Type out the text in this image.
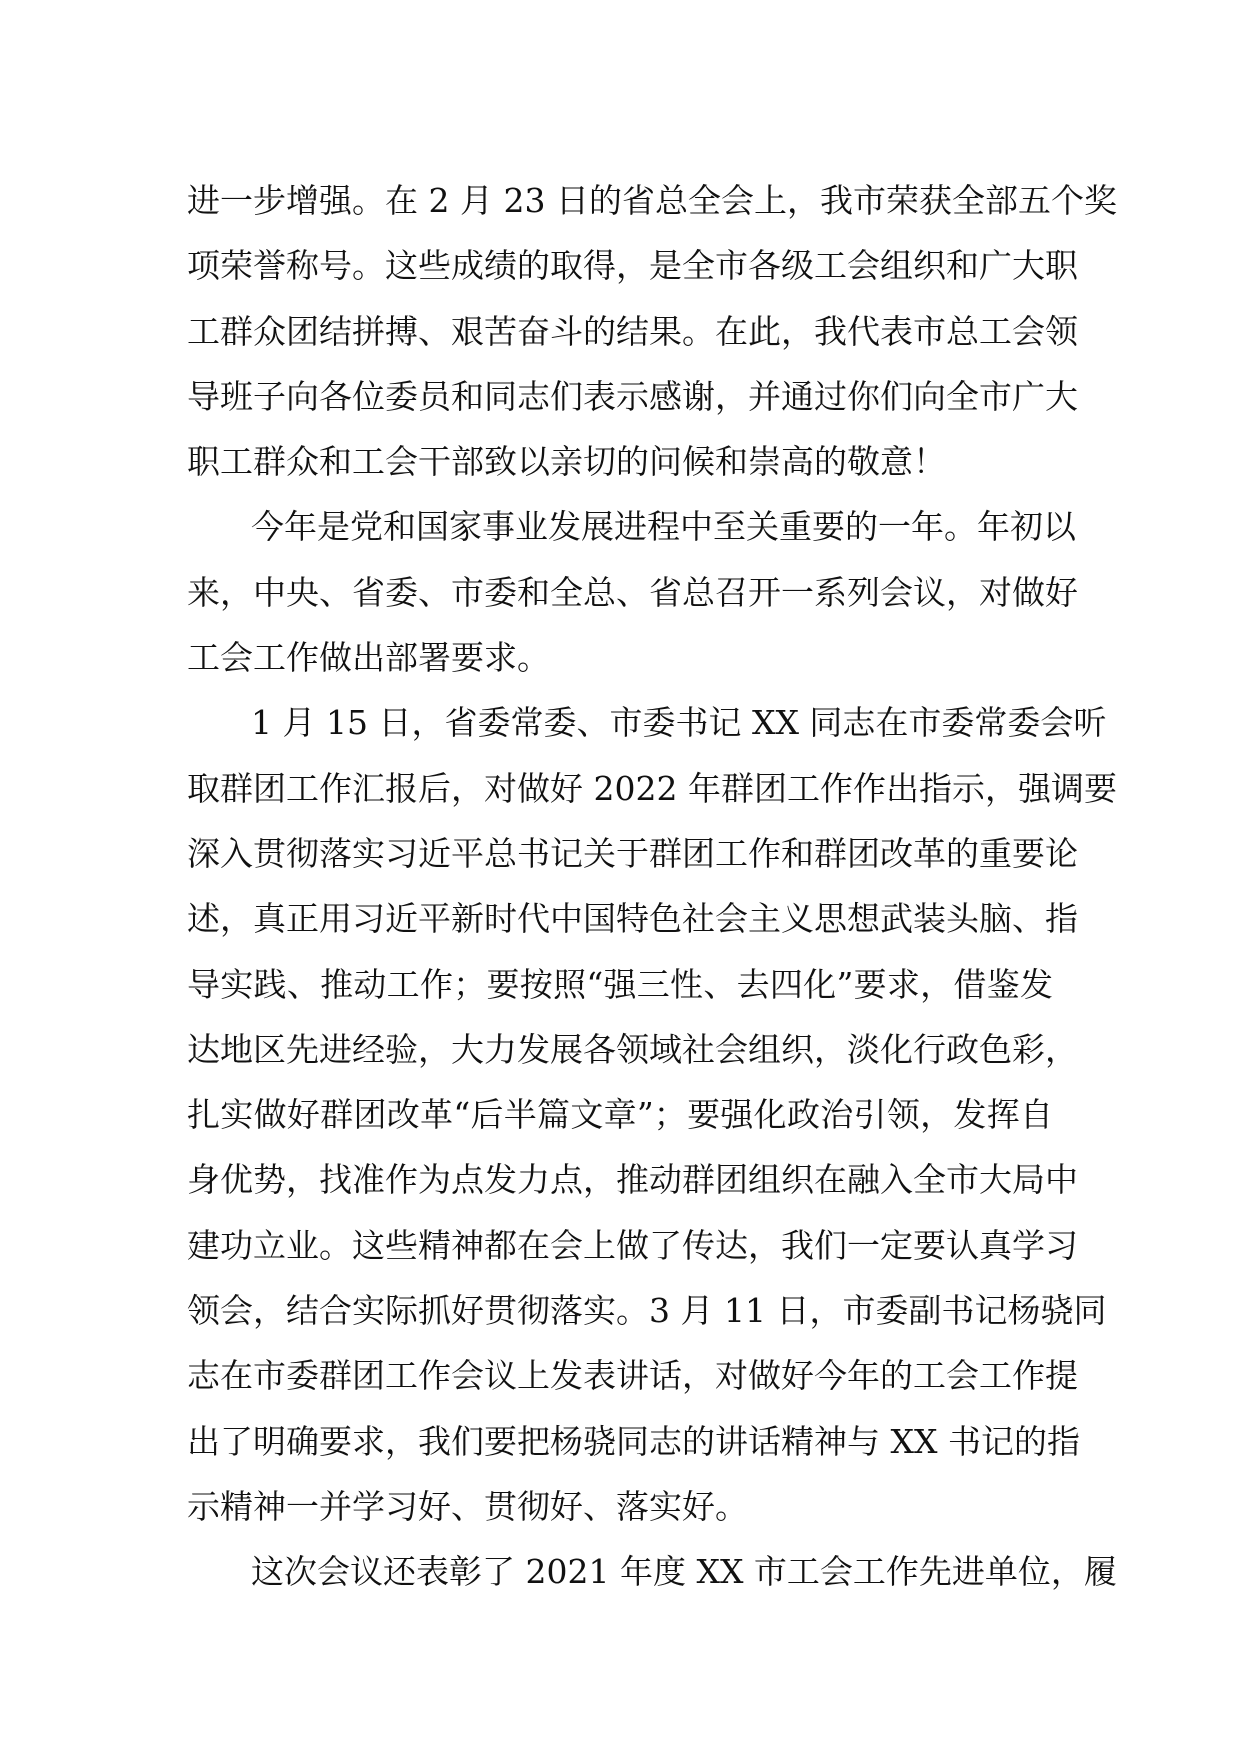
进一步增强。在 2 月 23 日的省总全会上，我市荣获全部五个奖
项荣誉称号。这些成绩的取得，是全市各级工会组织和广大职
工群众团结拼搏、艰苦奋斗的结果。在此，我代表市总工会领
导班子向各位委员和同志们表示感谢，并通过你们向全市广大
职工群众和工会干部致以亲切的问候和崇高的敬意！

今年是党和国家事业发展进程中至关重要的一年。年初以
来，中央、省委、市委和全总、省总召开一系列会议，对做好
工会工作做出部署要求。

1 月 15 日，省委常委、市委书记 XX 同志在市委常委会听
取群团工作汇报后，对做好 2022 年群团工作作出指示，强调要
深入贯彻落实习近平总书记关于群团工作和群团改革的重要论
述，真正用习近平新时代中国特色社会主义思想武装头脑、指
导实践、推动工作；要按照“强三性、去四化”要求，借鉴发
达地区先进经验，大力发展各领域社会组织，淡化行政色彩，
扎实做好群团改革“后半篇文章”；要强化政治引领，发挥自
身优势，找准作为点发力点，推动群团组织在融入全市大局中
建功立业。这些精神都在会上做了传达，我们一定要认真学习
领会，结合实际抓好贯彻落实。3 月 11 日，市委副书记杨骁同
志在市委群团工作会议上发表讲话，对做好今年的工会工作提
出了明确要求，我们要把杨骁同志的讲话精神与 XX 书记的指
示精神一并学习好、贯彻好、落实好。

这次会议还表彰了 2021 年度 XX 市工会工作先进单位，履
